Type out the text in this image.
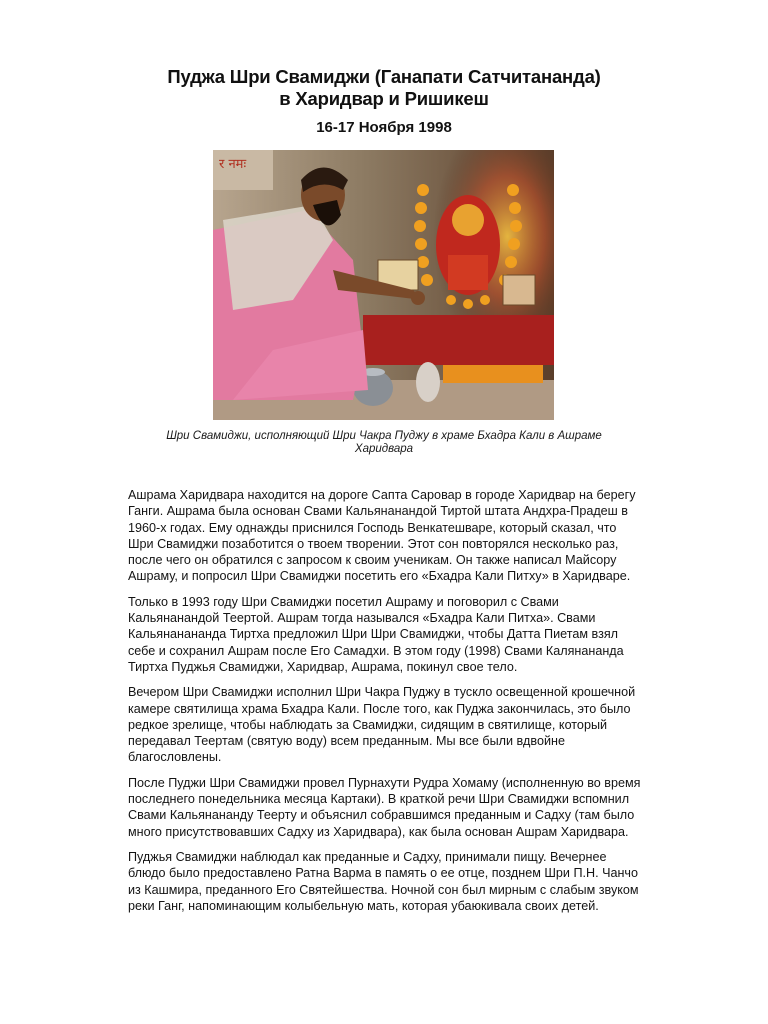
Пуджа Шри Свамиджи (Ганапати Сатчитананда)
в Харидвар и Ришикеш
16-17 Ноября 1998
र नमः
Шри Свамиджи, исполняющий Шри Чакра Пуджу в храме Бхадра Кали в Ашраме Харидвара

Ашрама Харидвара находится на дороге Сапта Саровар в городе Харидвар на берегу Ганги. Ашрама была основан Свами Кальянанандой Тиртой штата Андхра-Прадеш в 1960-х годах. Ему однажды приснился Господь Венкатешваре, который сказал, что Шри Свамиджи позаботится о твоем творении. Этот сон повторялся несколько раз, после чего он обратился с запросом к своим ученикам. Он также написал Майсору Ашраму, и попросил Шри Свамиджи посетить его «Бхадра Кали Питху» в Харидваре.

Только в 1993 году Шри Свамиджи посетил Ашраму и поговорил с Свами Кальянанандой Теертой. Ашрам тогда назывался «Бхадра Кали Питха». Свами Кальянанананда Тиртха предложил Шри Шри Свамиджи, чтобы Датта Пиетам взял себе и сохранил Ашрам после Его Самадхи. В этом году (1998) Свами Калянананда Тиртха Пуджья Свамиджи, Харидвар, Ашрама, покинул свое тело.

Вечером Шри Свамиджи исполнил Шри Чакра Пуджу в тускло освещенной крошечной камере святилища храма Бхадра Кали. После того, как Пуджа закончилась, это было редкое зрелище, чтобы наблюдать за Свамиджи, сидящим в святилище, который передавал Теертам (святую воду) всем преданным. Мы все были вдвойне благословлены.

После Пуджи Шри Свамиджи провел Пурнахути Рудра Хомаму (исполненную во время последнего понедельника месяца Картаки). В краткой речи Шри Свамиджи вспомнил Свами Кальянананду Теерту и объяснил собравшимся преданным и Садху (там было много присутствовавших Садху из Харидвара), как была основан Ашрам Харидвара.

Пуджья Свамиджи наблюдал как преданные и Садху, принимали пищу. Вечернее блюдо было предоставлено Ратна Варма в память о ее отце, позднем Шри П.Н. Чанчо из Кашмира, преданного Его Святейшества. Ночной сон был мирным с слабым звуком реки Ганг, напоминающим колыбельную мать, которая убаюкивала своих детей.
